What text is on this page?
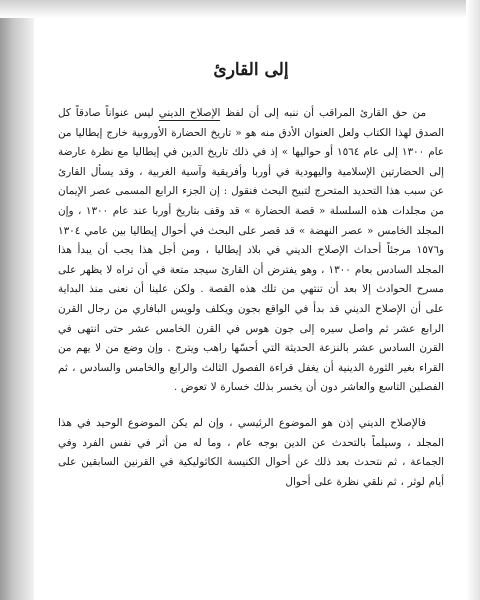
إلى القارئ

من حق القارئ المراقب أن ننبه إلى أن لفظ الإصلاح الديني ليس عنواناً صادقاً كل الصدق لهذا الكتاب ولعل العنوان الأدق منه هو « تاريخ الحضارة الأوروبية خارج إيطاليا من عام ١٣٠٠ إلى عام ١٥٦٤ أو حواليها » إذ في ذلك تاريخ الدين في إيطاليا مع نظرة عارضة إلى الحضارتين الإسلامية واليهودية في أوربا وأفريقية وآسية الغربية ، وقد يسأل القارئ عن سبب هذا التحديد المتحرج لتبيح البحث فنقول : إن الجزء الرابع المسمى عصر الإيمان من مجلدات هذه السلسلة « قصة الحضارة » قد وقف بتاريخ أوربا عند عام ١٣٠٠ ، وإن المجلد الخامس « عصر النهضة » قد قصر على البحث في أحوال إيطاليا بين عامي ١٣٠٤ و١٥٧٦ مرجئاً أحداث الإصلاح الديني في بلاد إيطاليا ، ومن أجل هذا يجب أن يبدأ هذا المجلد السادس بعام ١٣٠٠ ، وهو يفترض أن القارئ سيجد متعة في أن تراه لا يظهر على مسرح الحوادث إلا بعد أن تنتهي من تلك هذه القصة . ولكن علينا أن نعنى منذ البداية على أن الإصلاح الديني قد بدأ في الواقع بجون ويكلف ولويس البافاري من رجال القرن الرابع عشر ثم واصل سيره إلى جون هوس في القرن الخامس عشر حتى انتهى في القرن السادس عشر بالنزعة الحديثة التي أحسّها راهب ويترج . وإن وضع من لا يهم من القراء بغير الثورة الدينية أن يغفل قراءة الفصول الثالث والرابع والخامس والسادس ، ثم الفصلين التاسع والعاشر دون أن يخسر بذلك خسارة لا تعوض .

فالإصلاح الديني إذن هو الموضوع الرئيسي ، وإن لم يكن الموضوع الوحيد في هذا المجلد ، وسيلماً بالتحدث عن الدين بوجه عام ، وما له من أثر في نفس الفرد وفي الجماعة ، ثم نتحدث بعد ذلك عن أحوال الكنيسة الكاثوليكية في القرنين السابقين على أيام لوثر ، ثم نلقي نظرة على أحوال
